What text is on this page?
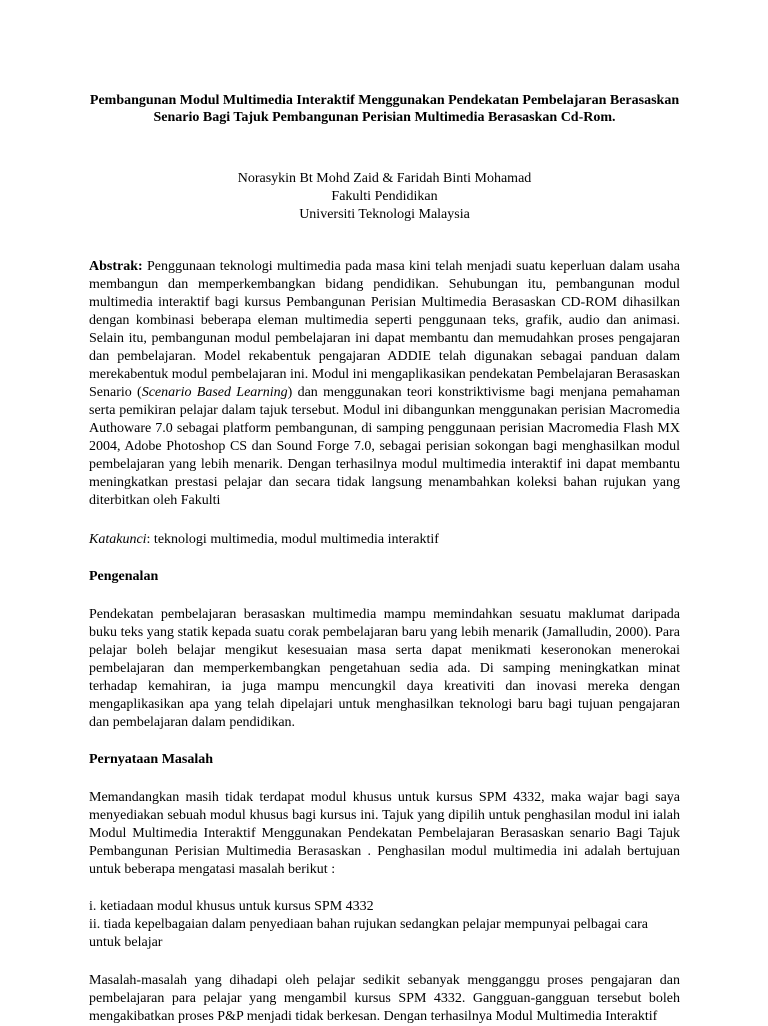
Pembangunan Modul Multimedia Interaktif Menggunakan Pendekatan Pembelajaran Berasaskan
Senario Bagi Tajuk Pembangunan Perisian Multimedia Berasaskan Cd-Rom.
Norasykin Bt Mohd Zaid & Faridah Binti Mohamad
Fakulti Pendidikan
Universiti Teknologi Malaysia

Abstrak: Penggunaan teknologi multimedia pada masa kini telah menjadi suatu keperluan dalam usaha membangun dan memperkembangkan bidang pendidikan. Sehubungan itu, pembangunan modul multimedia interaktif bagi kursus Pembangunan Perisian Multimedia Berasaskan CD-ROM dihasilkan dengan kombinasi beberapa eleman multimedia seperti penggunaan teks, grafik, audio dan animasi. Selain itu, pembangunan modul pembelajaran ini dapat membantu dan memudahkan proses pengajaran dan pembelajaran. Model rekabentuk pengajaran ADDIE telah digunakan sebagai panduan dalam merekabentuk modul pembelajaran ini. Modul ini mengaplikasikan pendekatan Pembelajaran Berasaskan Senario (Scenario Based Learning) dan menggunakan teori konstriktivisme bagi menjana pemahaman serta pemikiran pelajar dalam tajuk tersebut. Modul ini dibangunkan menggunakan perisian Macromedia Authoware 7.0 sebagai platform pembangunan, di samping penggunaan perisian Macromedia Flash MX 2004, Adobe Photoshop CS dan Sound Forge 7.0, sebagai perisian sokongan bagi menghasilkan modul pembelajaran yang lebih menarik. Dengan terhasilnya modul multimedia interaktif ini dapat membantu meningkatkan prestasi pelajar dan secara tidak langsung menambahkan koleksi bahan rujukan yang diterbitkan oleh Fakulti

Katakunci: teknologi multimedia, modul multimedia interaktif

Pengenalan

Pendekatan pembelajaran berasaskan multimedia mampu memindahkan sesuatu maklumat daripada buku teks yang statik kepada suatu corak pembelajaran baru yang lebih menarik (Jamalludin, 2000). Para pelajar boleh belajar mengikut kesesuaian masa serta dapat menikmati keseronokan menerokai pembelajaran dan memperkembangkan pengetahuan sedia ada. Di samping meningkatkan minat terhadap kemahiran, ia juga mampu mencungkil daya kreativiti dan inovasi mereka dengan mengaplikasikan apa yang telah dipelajari untuk menghasilkan teknologi baru bagi tujuan pengajaran dan pembelajaran dalam pendidikan.

Pernyataan Masalah

Memandangkan masih tidak terdapat modul khusus untuk kursus SPM 4332, maka wajar bagi saya menyediakan sebuah modul khusus bagi kursus ini. Tajuk yang dipilih untuk penghasilan modul ini ialah Modul Multimedia Interaktif Menggunakan Pendekatan Pembelajaran Berasaskan senario Bagi Tajuk Pembangunan Perisian Multimedia Berasaskan . Penghasilan modul multimedia ini adalah bertujuan untuk beberapa mengatasi masalah berikut :

i. ketiadaan modul khusus untuk kursus SPM 4332
ii. tiada kepelbagaian dalam penyediaan bahan rujukan sedangkan pelajar mempunyai pelbagai cara untuk belajar

Masalah-masalah yang dihadapi oleh pelajar sedikit sebanyak mengganggu proses pengajaran dan pembelajaran para pelajar yang mengambil kursus SPM 4332. Gangguan-gangguan tersebut boleh mengakibatkan proses P&P menjadi tidak berkesan. Dengan terhasilnya Modul Multimedia Interaktif
